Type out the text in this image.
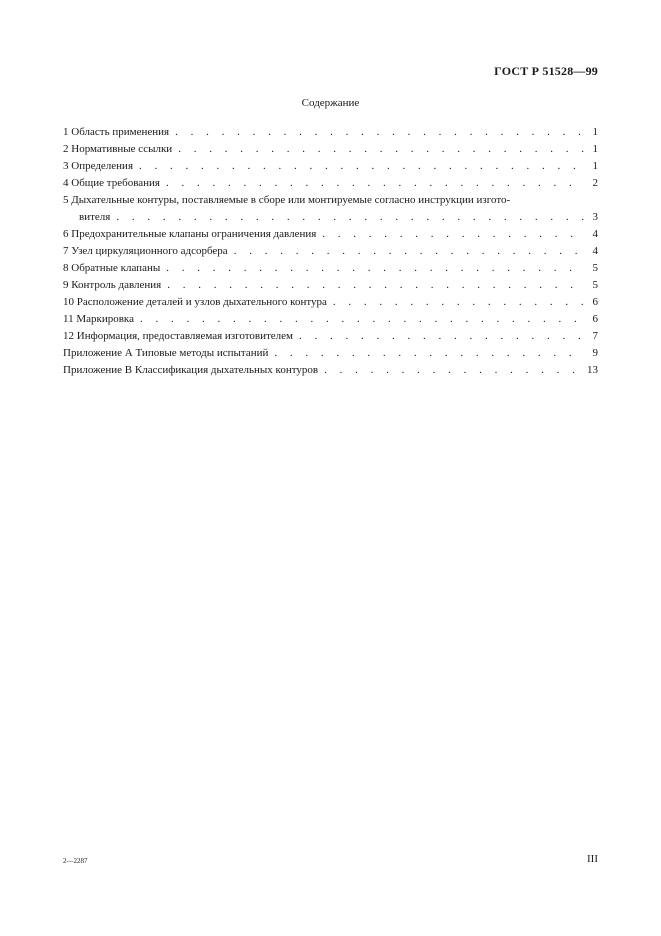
ГОСТ Р 51528—99
Содержание
1 Область применения . . .	1
2 Нормативные ссылки . . .	1
3 Определения . . .	1
4 Общие требования . . .	2
5 Дыхательные контуры, поставляемые в сборе или монтируемые согласно инструкции изгото-
вителя . . .	3
6 Предохранительные клапаны ограничения давления . . .	4
7 Узел циркуляционного адсорбера . . .	4
8 Обратные клапаны . . .	5
9 Контроль давления . . .	5
10 Расположение деталей и узлов дыхательного контура . . .	6
11 Маркировка . . .	6
12 Информация, предоставляемая изготовителем . . .	7
Приложение А Типовые методы испытаний . . .	9
Приложение В Классификация дыхательных контуров . . .	13
2—2287	III
